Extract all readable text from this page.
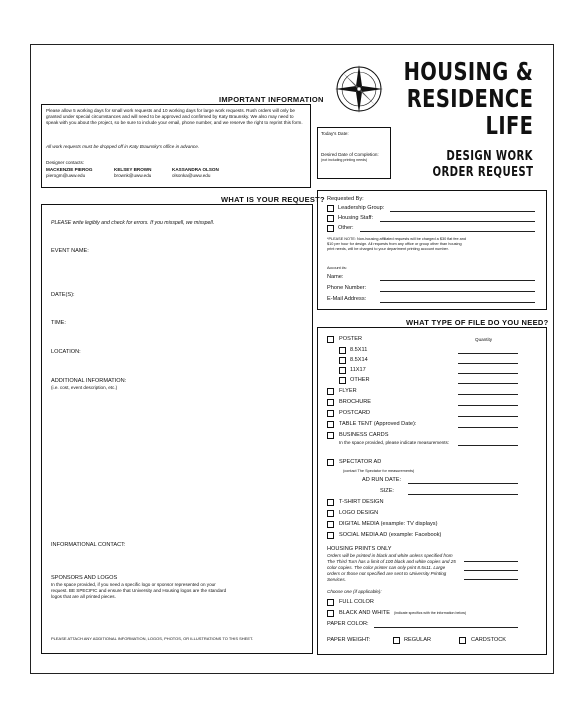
HOUSING &
RESIDENCE
LIFE
DESIGN WORK
ORDER REQUEST
IMPORTANT INFORMATION
Please allow 5 working days for small work requests and 10 working days for large work requests. Rush orders will only be granted under special circumstances and will need to be approved and confirmed by Katy Braunsky. We also may need to speak with you about the project, so be sure to include your email, phone number, and we reserve the right to reprint this form.
All work requests must be dropped off in Katy Braunsky's office in advance.
Designer contacts:
MACKENZIE PIEROG
pierogm@uww.edu
KELSEY BROWN
brownk@uww.edu
KASSANDRA OLSON
olsonka@uww.edu
Today's Date:
Desired Date of Completion:
(not including printing needs)
Requested By:
Leadership Group:
Housing Staff:
Other:
*PLEASE NOTE: Non-housing affiliated requests will be charged a $30 flat fee and $10 per hour for design. All requests from any office or group other than housing print needs, will be charged to your department printing account number.
Account #s:
Name:
Phone Number:
E-Mail Address:
WHAT IS YOUR REQUEST?
PLEASE write legibly and check for errors. If you misspell, we misspell.
EVENT NAME:
DATE(S):
TIME:
LOCATION:
ADDITIONAL INFORMATION:
(i.e. cost, event description, etc.)
INFORMATIONAL CONTACT:
SPONSORS AND LOGOS
In the space provided, if you need a specific logo or sponsor represented on your request. BE SPECIFIC and ensure that University and Housing logos are the standard logos that are all printed pieces.
PLEASE ATTACH ANY ADDITIONAL INFORMATION, LOGOS, PHOTOS, OR ILLUSTRATIONS TO THIS SHEET.
WHAT TYPE OF FILE DO YOU NEED?
POSTER	Quantity
8.5X11
8.5X14
11X17
OTHER
FLYER
BROCHURE
POSTCARD
TABLE TENT (Approved Date):
BUSINESS CARDS
In the space provided, please indicate measurements:
SPECTATOR AD
(contact The Spectator for measurements)
AD RUN DATE:
SIZE:
T-SHIRT DESIGN
LOGO DESIGN
DIGITAL MEDIA (example: TV displays)
SOCIAL MEDIA AD (example: Facebook)
HOUSING PRINTS ONLY
Orders will be printed in black and white unless specified from The Third Turn has a limit of 100 black and white copies and 25 color copies. The color printer can only print 8.5x11. Large orders or those not specified are sent to University Printing Services.
Choose one (if applicable):
FULL COLOR
BLACK AND WHITE (indicate specifics with the information below)
PAPER COLOR:
PAPER WEIGHT:	REGULAR	CARDSTOCK
